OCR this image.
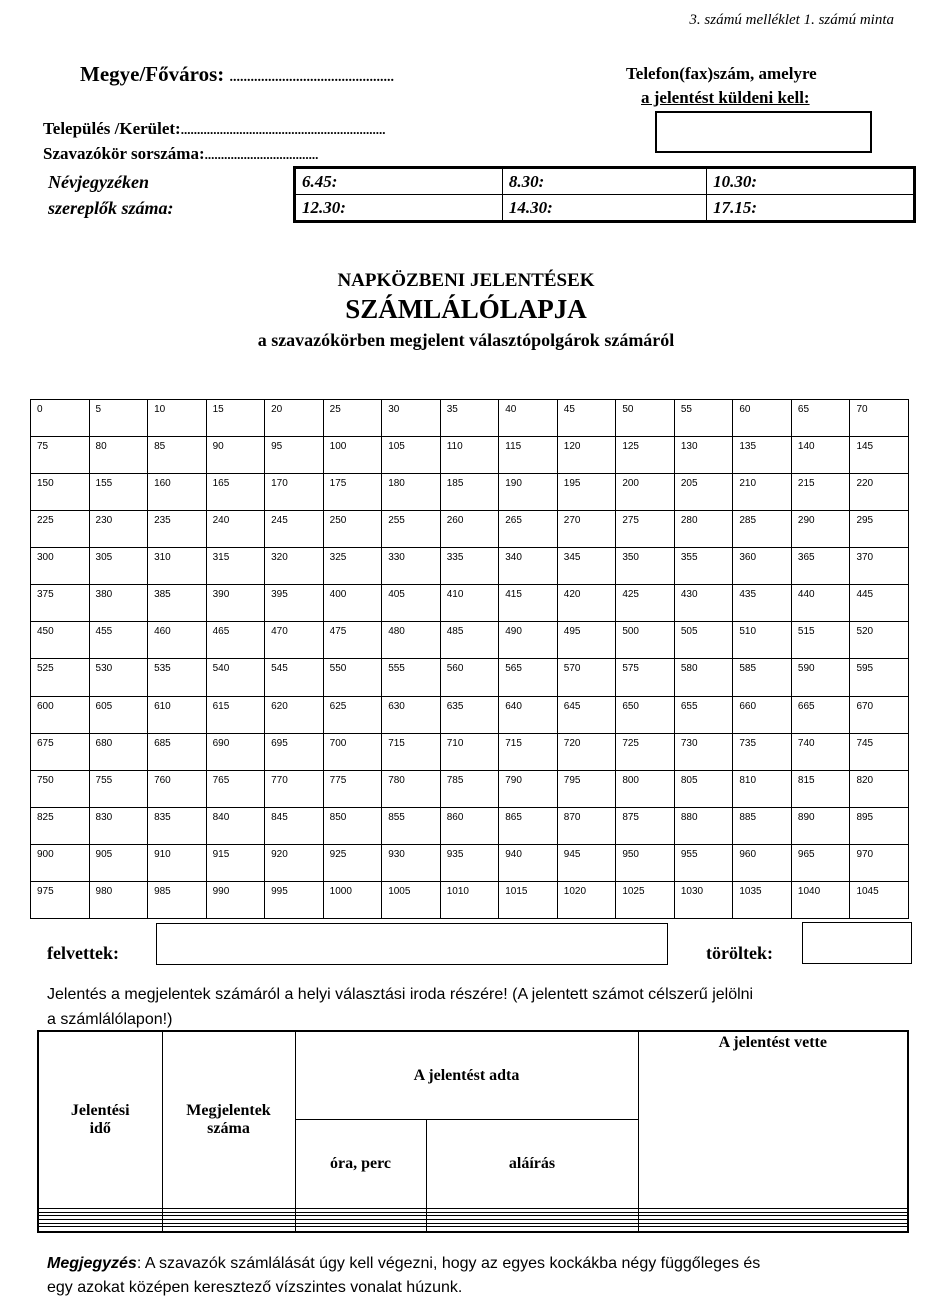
3. számú melléklet 1. számú minta
Megye/Főváros: ...............................................	Telefon(fax)szám, amelyre
a jelentést küldeni kell:
Település /Kerület:...............................................................
Szavazókör sorszáma:...................................
Névjegyzéken
szereplők száma:
6.45:	8.30:	10.30:
12.30:	14.30:	17.15:
NAPKÖZBENI JELENTÉSEK
SZÁMLÁLÓLAPJA
a szavazókörben megjelent választópolgárok számáról
0	5	10	15	20	25	30	35	40	45	50	55	60	65	70
75	80	85	90	95	100	105	110	115	120	125	130	135	140	145
150	155	160	165	170	175	180	185	190	195	200	205	210	215	220
225	230	235	240	245	250	255	260	265	270	275	280	285	290	295
300	305	310	315	320	325	330	335	340	345	350	355	360	365	370
375	380	385	390	395	400	405	410	415	420	425	430	435	440	445
450	455	460	465	470	475	480	485	490	495	500	505	510	515	520
525	530	535	540	545	550	555	560	565	570	575	580	585	590	595
600	605	610	615	620	625	630	635	640	645	650	655	660	665	670
675	680	685	690	695	700	715	710	715	720	725	730	735	740	745
750	755	760	765	770	775	780	785	790	795	800	805	810	815	820
825	830	835	840	845	850	855	860	865	870	875	880	885	890	895
900	905	910	915	920	925	930	935	940	945	950	955	960	965	970
975	980	985	990	995	1000	1005	1010	1015	1020	1025	1030	1035	1040	1045
felvettek:	töröltek:
Jelentés a megjelentek számáról a helyi választási iroda részére! (A jelentett számot célszerű jelölni
a számlálólapon!)
Jelentési idő	Megjelentek száma	A jelentést adta		A jelentést vette
		óra, perc	aláírás	

Megjegyzés: A szavazók számlálását úgy kell végezni, hogy az egyes kockákba négy függőleges és
egy azokat középen keresztező vízszintes vonalat húzunk.
